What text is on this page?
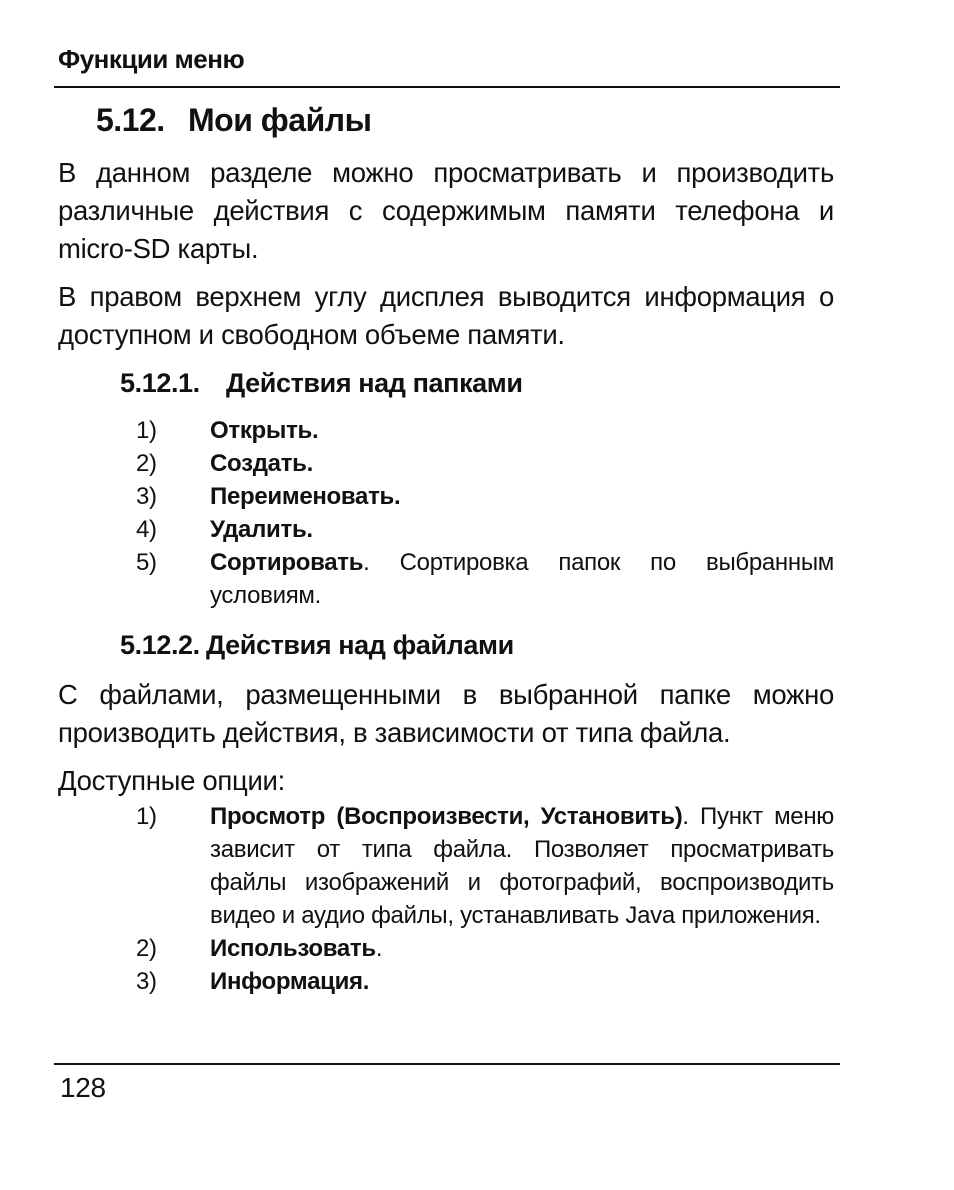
Функции меню
5.12. Мои файлы
В данном разделе можно просматривать и производить различные действия с содержимым памяти телефона и micro-SD карты.
В правом верхнем углу дисплея выводится информация о доступном и свободном объеме памяти.
5.12.1. Действия над папками
1) Открыть.
2) Создать.
3) Переименовать.
4) Удалить.
5) Сортировать. Сортировка папок по выбранным условиям.
5.12.2. Действия над файлами
С файлами, размещенными в выбранной папке можно производить действия, в зависимости от типа файла.
Доступные опции:
1) Просмотр (Воспроизвести, Установить). Пункт меню зависит от типа файла. Позволяет просматривать файлы изображений и фотографий, воспроизводить видео и аудио файлы, устанавливать Java приложения.
2) Использовать.
3) Информация.
128
